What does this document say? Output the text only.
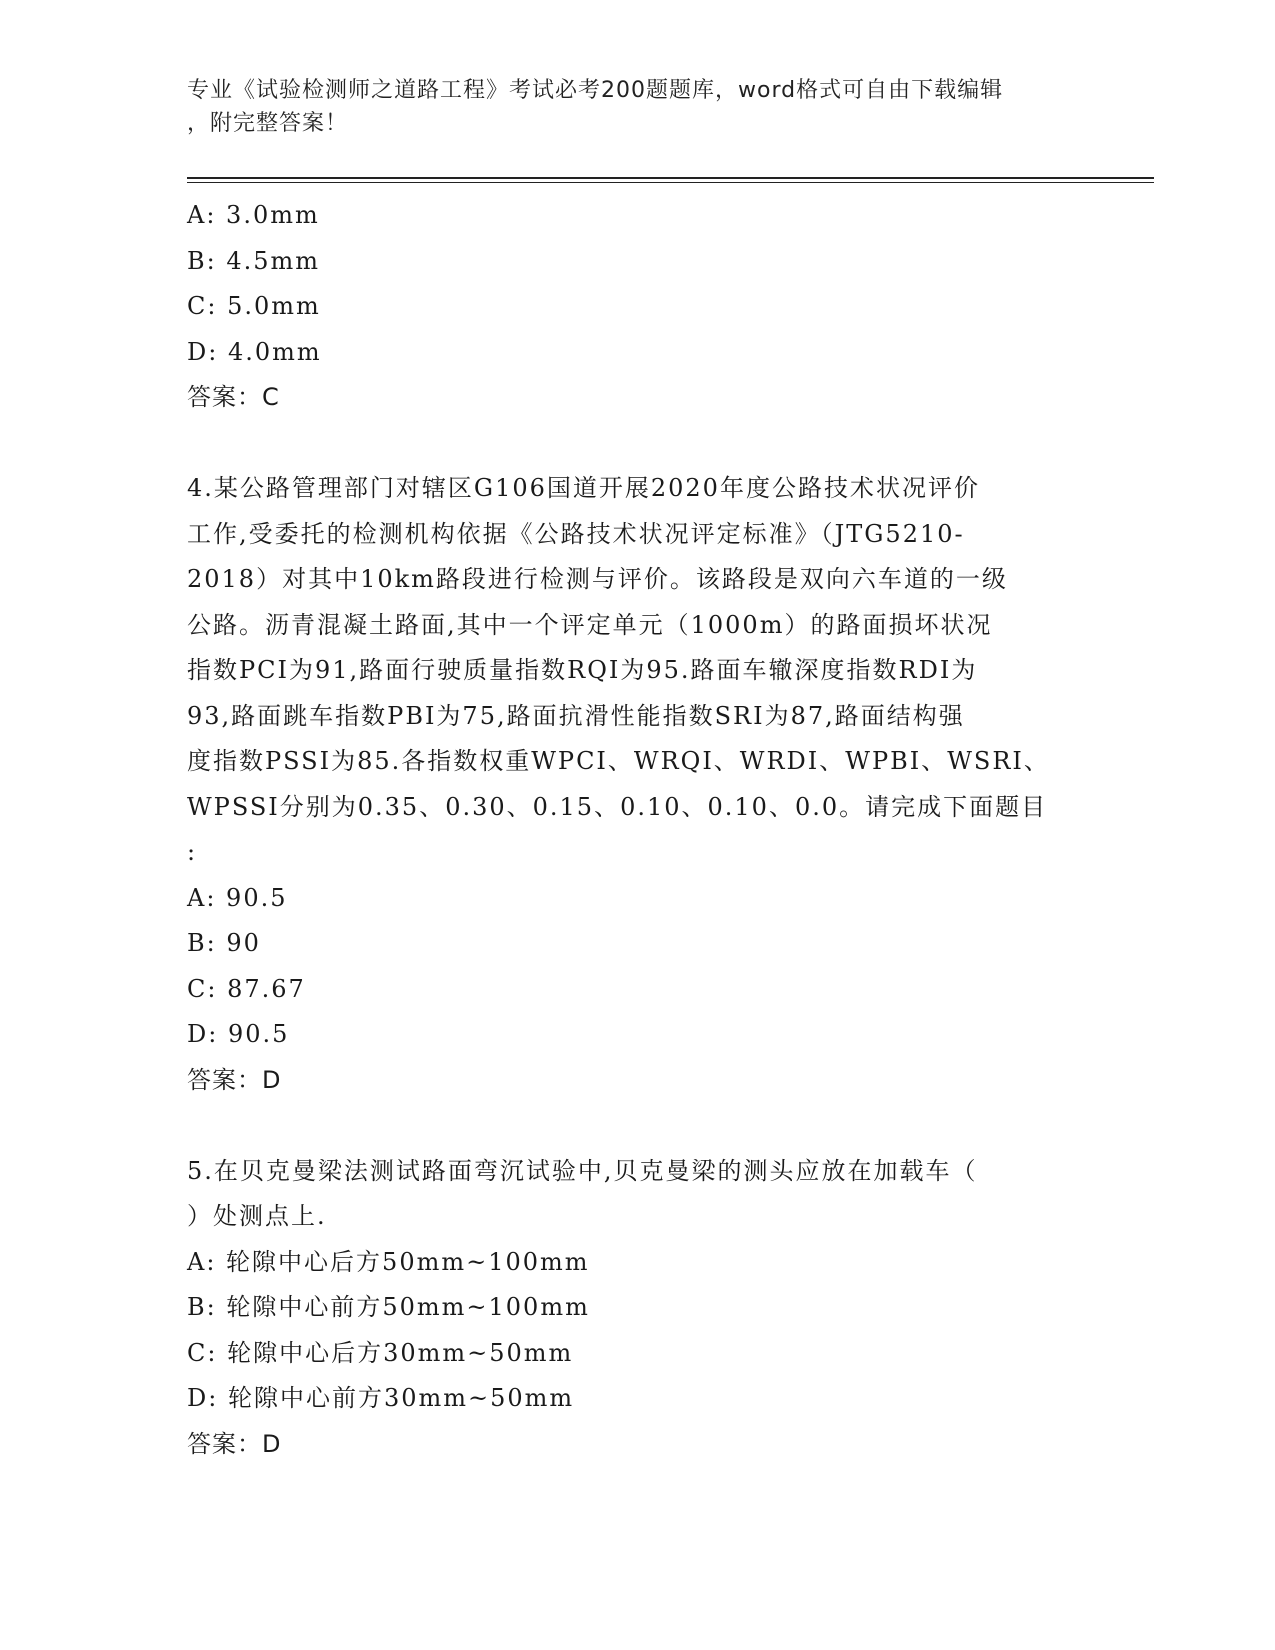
专业《试验检测师之道路工程》考试必考200题题库，word格式可自由下载编辑
，附完整答案！
A: 3.0mm
B: 4.5mm
C: 5.0mm
D: 4.0mm
答案：C
4.某公路管理部门对辖区G106国道开展2020年度公路技术状况评价
工作,受委托的检测机构依据《公路技术状况评定标准》（JTG5210-
2018）对其中10km路段进行检测与评价。该路段是双向六车道的一级
公路。沥青混凝土路面,其中一个评定单元（1000m）的路面损坏状况
指数PCI为91,路面行驶质量指数RQI为95.路面车辙深度指数RDI为
93,路面跳车指数PBI为75,路面抗滑性能指数SRI为87,路面结构强
度指数PSSI为85.各指数权重WPCI、WRQI、WRDI、WPBI、WSRI、
WPSSI分别为0.35、0.30、0.15、0.10、0.10、0.0。请完成下面题目
:
A: 90.5
B: 90
C: 87.67
D: 90.5
答案：D
5.在贝克曼梁法测试路面弯沉试验中,贝克曼梁的测头应放在加载车（
）处测点上.
A: 轮隙中心后方50mm~100mm
B: 轮隙中心前方50mm~100mm
C: 轮隙中心后方30mm~50mm
D: 轮隙中心前方30mm~50mm
答案：D
